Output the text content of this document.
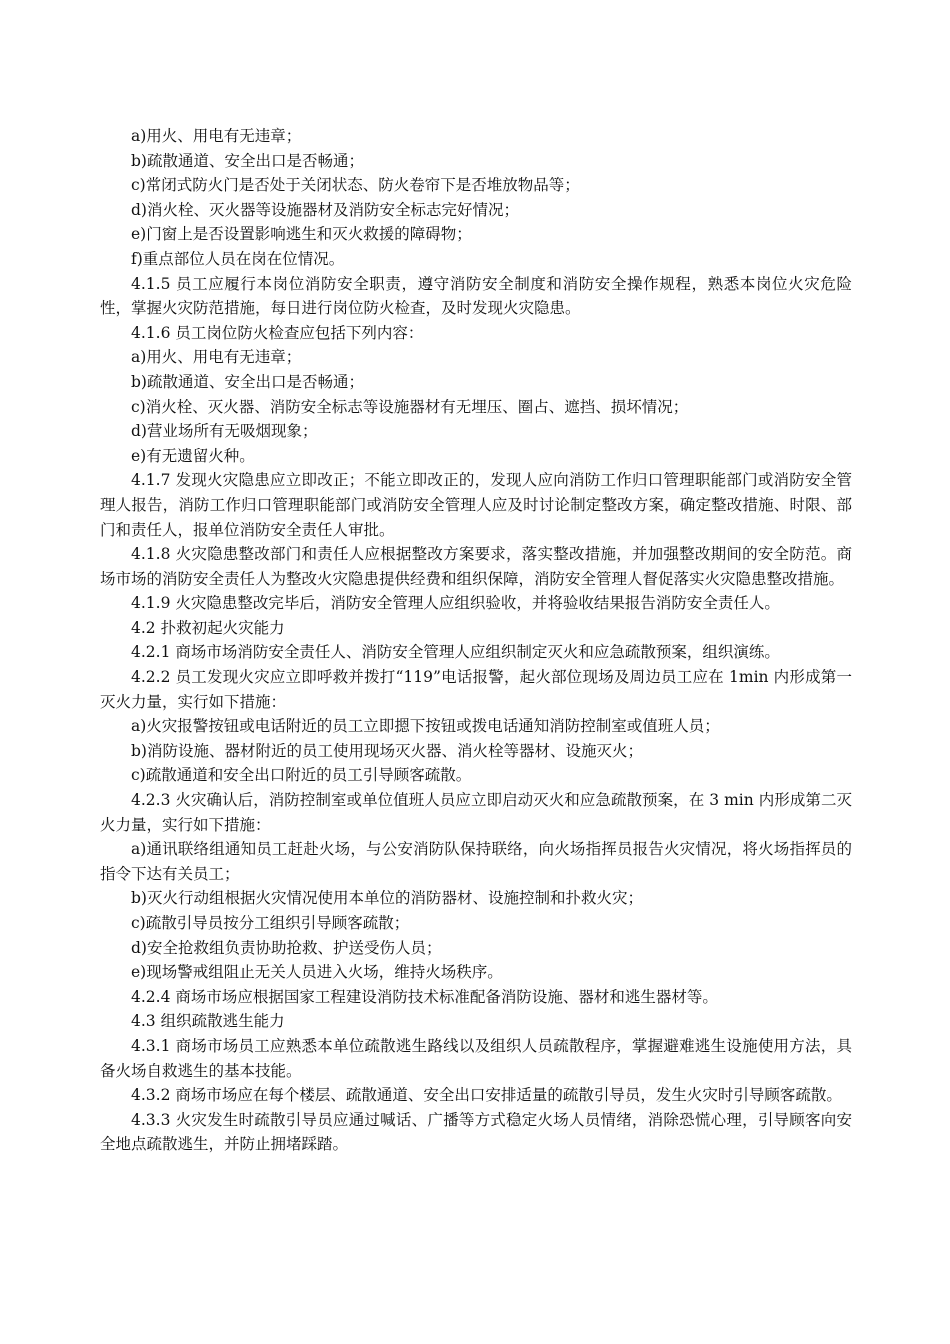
a)用火、用电有无违章；

b)疏散通道、安全出口是否畅通；

c)常闭式防火门是否处于关闭状态、防火卷帘下是否堆放物品等；

d)消火栓、灭火器等设施器材及消防安全标志完好情况；

e)门窗上是否设置影响逃生和灭火救援的障碍物；

f)重点部位人员在岗在位情况。

4.1.5 员工应履行本岗位消防安全职责，遵守消防安全制度和消防安全操作规程，熟悉本岗位火灾危险性，掌握火灾防范措施，每日进行岗位防火检查，及时发现火灾隐患。

4.1.6 员工岗位防火检查应包括下列内容：

a)用火、用电有无违章；

b)疏散通道、安全出口是否畅通；

c)消火栓、灭火器、消防安全标志等设施器材有无埋压、圈占、遮挡、损坏情况；

d)营业场所有无吸烟现象；

e)有无遗留火种。

4.1.7 发现火灾隐患应立即改正；不能立即改正的，发现人应向消防工作归口管理职能部门或消防安全管理人报告，消防工作归口管理职能部门或消防安全管理人应及时讨论制定整改方案，确定整改措施、时限、部门和责任人，报单位消防安全责任人审批。

4.1.8 火灾隐患整改部门和责任人应根据整改方案要求，落实整改措施，并加强整改期间的安全防范。商场市场的消防安全责任人为整改火灾隐患提供经费和组织保障，消防安全管理人督促落实火灾隐患整改措施。

4.1.9 火灾隐患整改完毕后，消防安全管理人应组织验收，并将验收结果报告消防安全责任人。

4.2 扑救初起火灾能力

4.2.1 商场市场消防安全责任人、消防安全管理人应组织制定灭火和应急疏散预案，组织演练。

4.2.2 员工发现火灾应立即呼救并拨打“119”电话报警，起火部位现场及周边员工应在 1min 内形成第一灭火力量，实行如下措施：

a)火灾报警按钮或电话附近的员工立即摁下按钮或拨电话通知消防控制室或值班人员；

b)消防设施、器材附近的员工使用现场灭火器、消火栓等器材、设施灭火；

c)疏散通道和安全出口附近的员工引导顾客疏散。

4.2.3 火灾确认后，消防控制室或单位值班人员应立即启动灭火和应急疏散预案，在 3 min 内形成第二灭火力量，实行如下措施：

a)通讯联络组通知员工赶赴火场，与公安消防队保持联络，向火场指挥员报告火灾情况，将火场指挥员的指令下达有关员工；

b)灭火行动组根据火灾情况使用本单位的消防器材、设施控制和扑救火灾；

c)疏散引导员按分工组织引导顾客疏散；

d)安全抢救组负责协助抢救、护送受伤人员；

e)现场警戒组阻止无关人员进入火场，维持火场秩序。

4.2.4 商场市场应根据国家工程建设消防技术标准配备消防设施、器材和逃生器材等。

4.3 组织疏散逃生能力

4.3.1 商场市场员工应熟悉本单位疏散逃生路线以及组织人员疏散程序，掌握避难逃生设施使用方法，具备火场自救逃生的基本技能。

4.3.2 商场市场应在每个楼层、疏散通道、安全出口安排适量的疏散引导员，发生火灾时引导顾客疏散。

4.3.3 火灾发生时疏散引导员应通过喊话、广播等方式稳定火场人员情绪，消除恐慌心理，引导顾客向安全地点疏散逃生，并防止拥堵踩踏。
